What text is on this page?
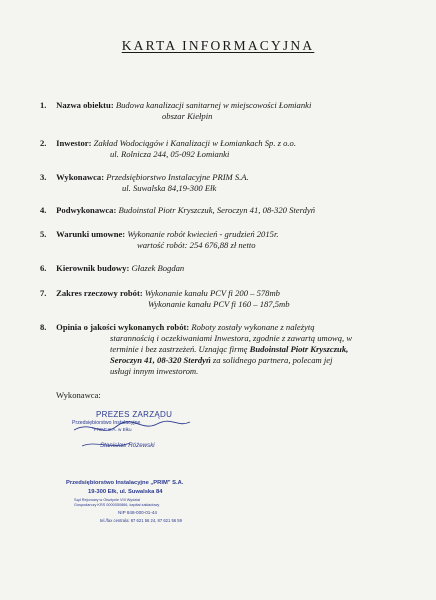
KARTA INFORMACYJNA
1. Nazwa obiektu: Budowa kanalizacji sanitarnej w miejscowości Łomianki
obszar Kiełpin
2. Inwestor: Zakład Wodociągów i Kanalizacji w Łomiankach Sp. z o.o.
ul. Rolnicza 244, 05-092 Łomianki
3. Wykonawca: Przedsiębiorstwo Instalacyjne PRIM S.A.
ul. Suwalska 84,19-300 Ełk
4. Podwykonawca: Budoinstal Piotr Kryszczuk, Seroczyn 41, 08-320 Sterdyń
5. Warunki umowne: Wykonanie robót kwiecień - grudzień 2015r.
wartość robót: 254 676,88 zł netto
6. Kierownik budowy: Głazek Bogdan
7. Zakres rzeczowy robót: Wykonanie kanału PCV fi 200 – 578mb
Wykonanie kanału PCV fi 160 – 187,5mb
8. Opinia o jakości wykonanych robót: Roboty zostały wykonane z należytą
starannością i oczekiwaniami Inwestora, zgodnie z zawartą umową, w
terminie i bez zastrzeżeń. Uznając firmę Budoinstal Piotr Kryszczuk,
Seroczyn 41, 08-320 Sterdyń za solidnego partnera, polecam jej
usługi innym inwestorom.
Wykonawca:
PREZES ZARZĄDU
Przedsiębiorstwo Instalacyjne
"PRIM" S.A. w Ełku
Stanisław Różewski
Przedsiębiorstwo Instalacyjne „PRIM" S.A.
19-300 Ełk, ul. Suwalska 84
Sąd Rejonowy w Olsztynie VIII Wydział
Gospodarczy KRS 0000050866, kapitał zakładowy
NIP 848-000-01-44
tel./fax centrala: 87 621 56 24, 87 621 56 59
